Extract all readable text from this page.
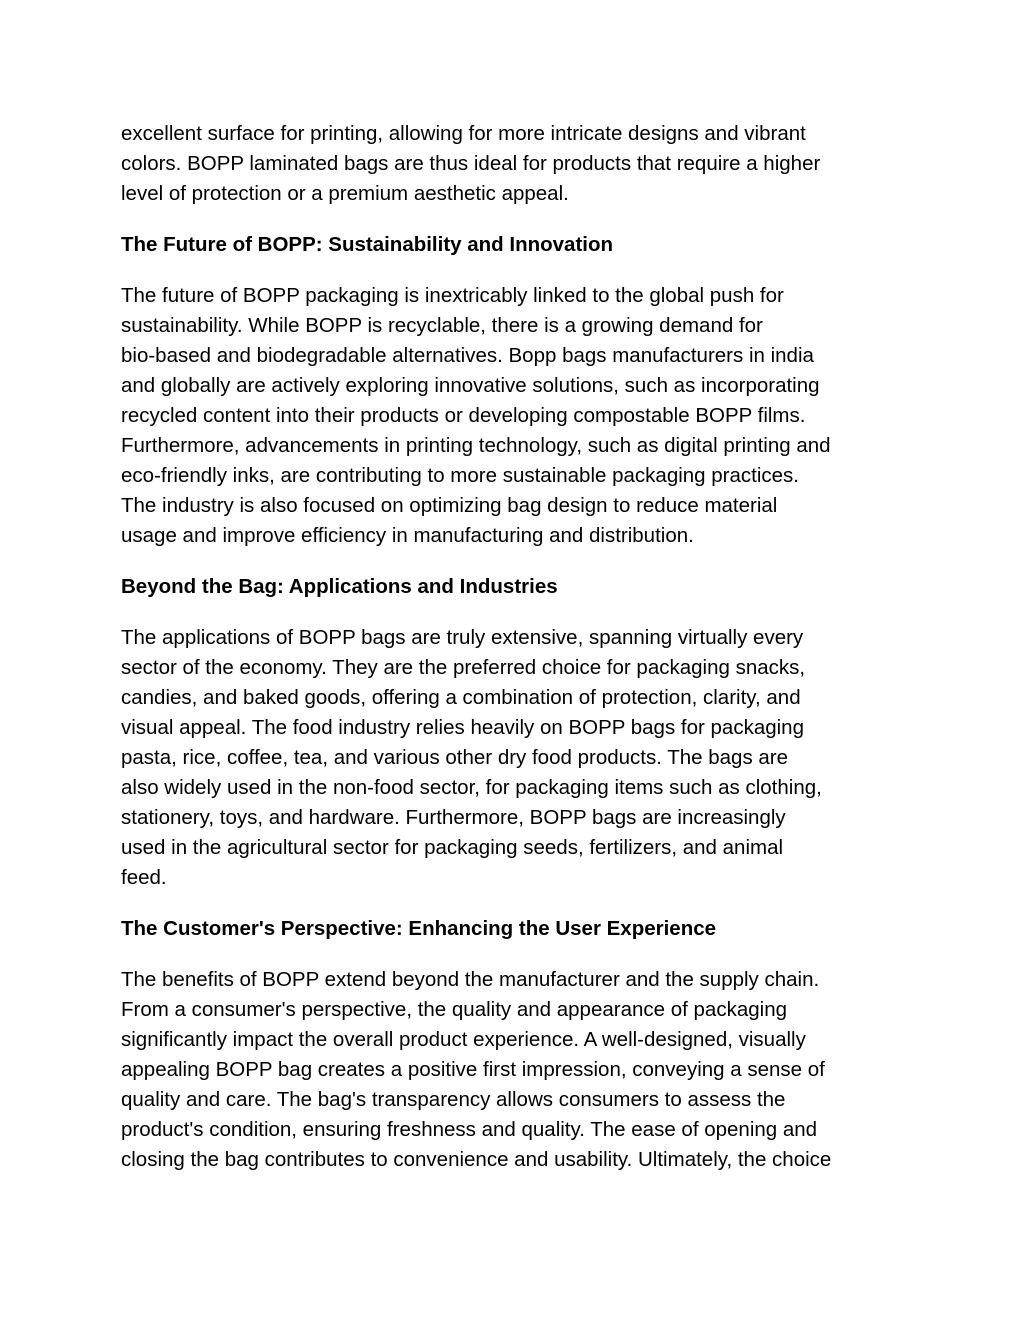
excellent surface for printing, allowing for more intricate designs and vibrant
colors. BOPP laminated bags are thus ideal for products that require a higher
level of protection or a premium aesthetic appeal.
The Future of BOPP: Sustainability and Innovation
The future of BOPP packaging is inextricably linked to the global push for
sustainability. While BOPP is recyclable, there is a growing demand for
bio-based and biodegradable alternatives. Bopp bags manufacturers in india
and globally are actively exploring innovative solutions, such as incorporating
recycled content into their products or developing compostable BOPP films.
Furthermore, advancements in printing technology, such as digital printing and
eco-friendly inks, are contributing to more sustainable packaging practices.
The industry is also focused on optimizing bag design to reduce material
usage and improve efficiency in manufacturing and distribution.
Beyond the Bag: Applications and Industries
The applications of BOPP bags are truly extensive, spanning virtually every
sector of the economy. They are the preferred choice for packaging snacks,
candies, and baked goods, offering a combination of protection, clarity, and
visual appeal. The food industry relies heavily on BOPP bags for packaging
pasta, rice, coffee, tea, and various other dry food products. The bags are
also widely used in the non-food sector, for packaging items such as clothing,
stationery, toys, and hardware. Furthermore, BOPP bags are increasingly
used in the agricultural sector for packaging seeds, fertilizers, and animal
feed.
The Customer's Perspective: Enhancing the User Experience
The benefits of BOPP extend beyond the manufacturer and the supply chain.
From a consumer's perspective, the quality and appearance of packaging
significantly impact the overall product experience. A well-designed, visually
appealing BOPP bag creates a positive first impression, conveying a sense of
quality and care. The bag's transparency allows consumers to assess the
product's condition, ensuring freshness and quality. The ease of opening and
closing the bag contributes to convenience and usability. Ultimately, the choice
